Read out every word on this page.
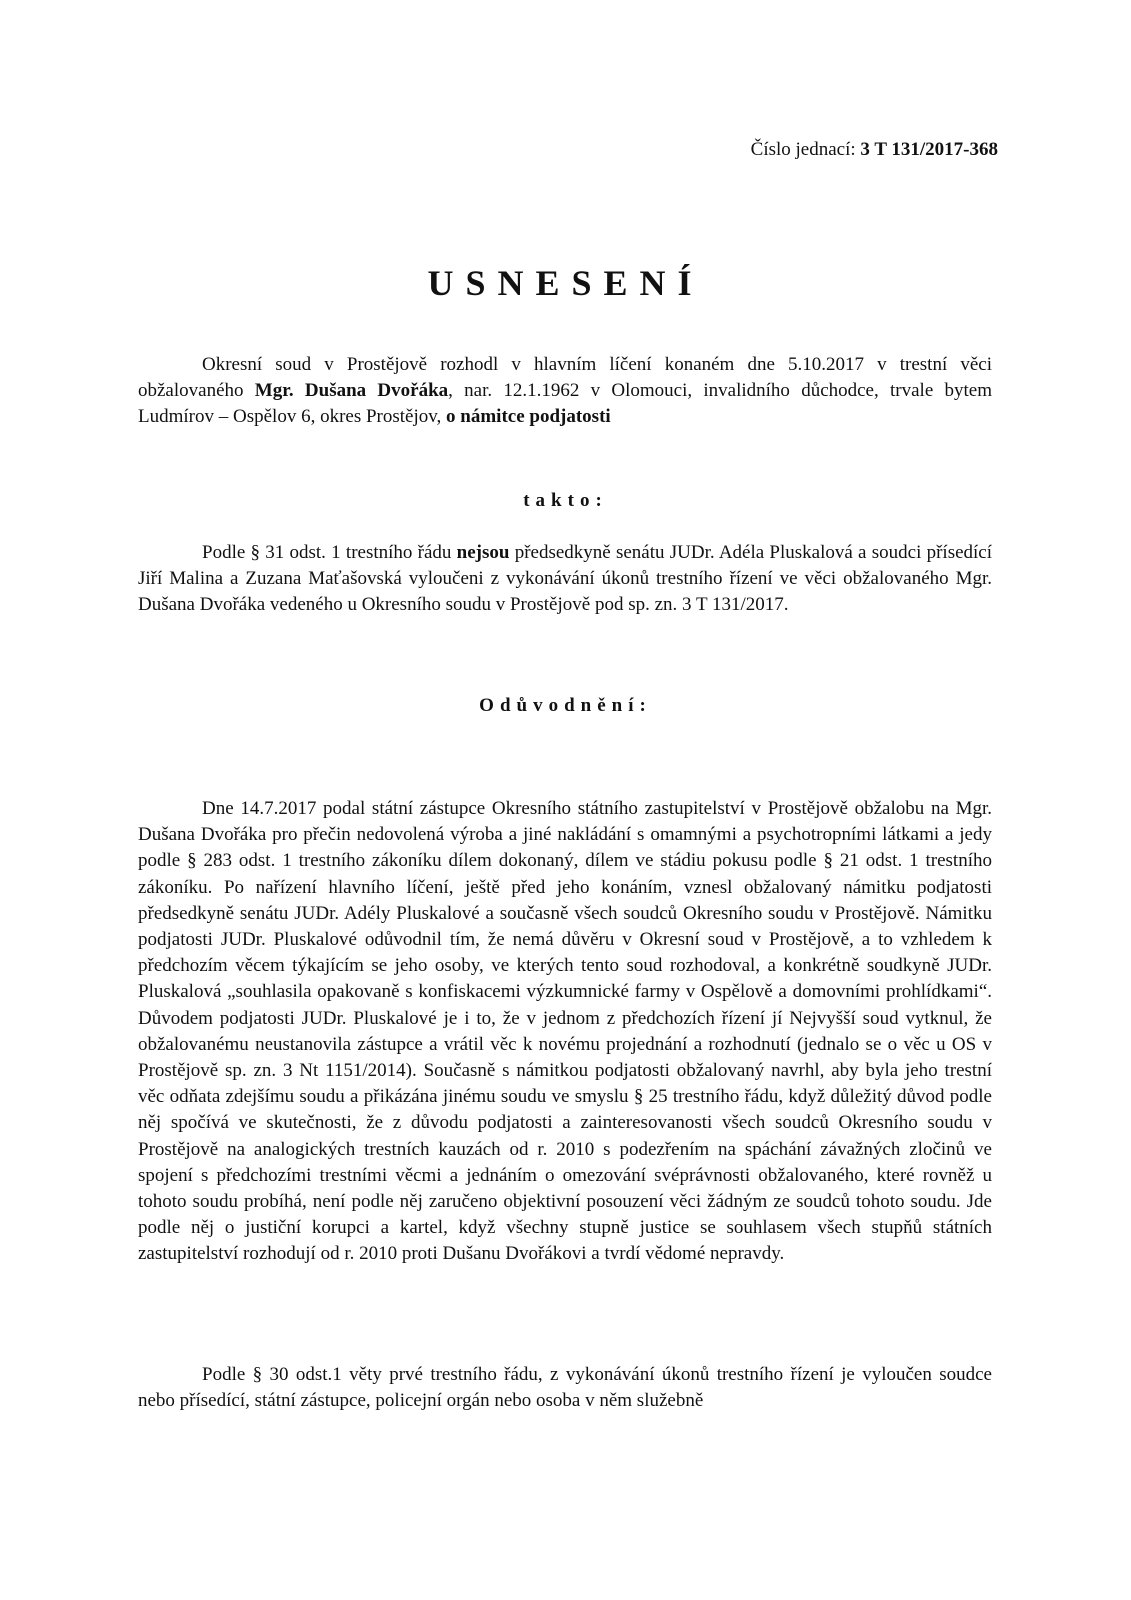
Číslo jednací: 3 T 131/2017-368
USNESENÍ

Okresní soud v Prostějově rozhodl v hlavním líčení konaném dne 5.10.2017 v trestní věci obžalovaného Mgr. Dušana Dvořáka, nar. 12.1.1962 v Olomouci, invalidního důchodce, trvale bytem Ludmírov – Ospělov 6, okres Prostějov, o námitce podjatosti

takto:

Podle § 31 odst. 1 trestního řádu nejsou předsedkyně senátu JUDr. Adéla Pluskalová a soudci přísedící Jiří Malina a Zuzana Maťašovská vyloučeni z vykonávání úkonů trestního řízení ve věci obžalovaného Mgr. Dušana Dvořáka vedeného u Okresního soudu v Prostějově pod sp. zn. 3 T 131/2017.

Odůvodnění:

Dne 14.7.2017 podal státní zástupce Okresního státního zastupitelství v Prostějově obžalobu na Mgr. Dušana Dvořáka pro přečin nedovolená výroba a jiné nakládání s omamnými a psychotropními látkami a jedy podle § 283 odst. 1 trestního zákoníku dílem dokonaný, dílem ve stádiu pokusu podle § 21 odst. 1 trestního zákoníku. Po nařízení hlavního líčení, ještě před jeho konáním, vznesl obžalovaný námitku podjatosti předsedkyně senátu JUDr. Adély Pluskalové a současně všech soudců Okresního soudu v Prostějově. Námitku podjatosti JUDr. Pluskalové odůvodnil tím, že nemá důvěru v Okresní soud v Prostějově, a to vzhledem k předchozím věcem týkajícím se jeho osoby, ve kterých tento soud rozhodoval, a konkrétně soudkyně JUDr. Pluskalová „souhlasila opakovaně s konfiskacemi výzkumnické farmy v Ospělově a domovními prohlídkami“. Důvodem podjatosti JUDr. Pluskalové je i to, že v jednom z předchozích řízení jí Nejvyšší soud vytknul, že obžalovanému neustanovila zástupce a vrátil věc k novému projednání a rozhodnutí (jednalo se o věc u OS v Prostějově sp. zn. 3 Nt 1151/2014). Současně s námitkou podjatosti obžalovaný navrhl, aby byla jeho trestní věc odňata zdejšímu soudu a přikázána jinému soudu ve smyslu § 25 trestního řádu, když důležitý důvod podle něj spočívá ve skutečnosti, že z důvodu podjatosti a zainteresovanosti všech soudců Okresního soudu v Prostějově na analogických trestních kauzách od r. 2010 s podezřením na spáchání závažných zločinů ve spojení s předchozími trestními věcmi a jednáním o omezování svéprávnosti obžalovaného, které rovněž u tohoto soudu probíhá, není podle něj zaručeno objektivní posouzení věci žádným ze soudců tohoto soudu. Jde podle něj o justiční korupci a kartel, když všechny stupně justice se souhlasem všech stupňů státních zastupitelství rozhodují od r. 2010 proti Dušanu Dvořákovi a tvrdí vědomé nepravdy.

Podle § 30 odst.1 věty prvé trestního řádu, z vykonávání úkonů trestního řízení je vyloučen soudce nebo přísedící, státní zástupce, policejní orgán nebo osoba v něm služebně
